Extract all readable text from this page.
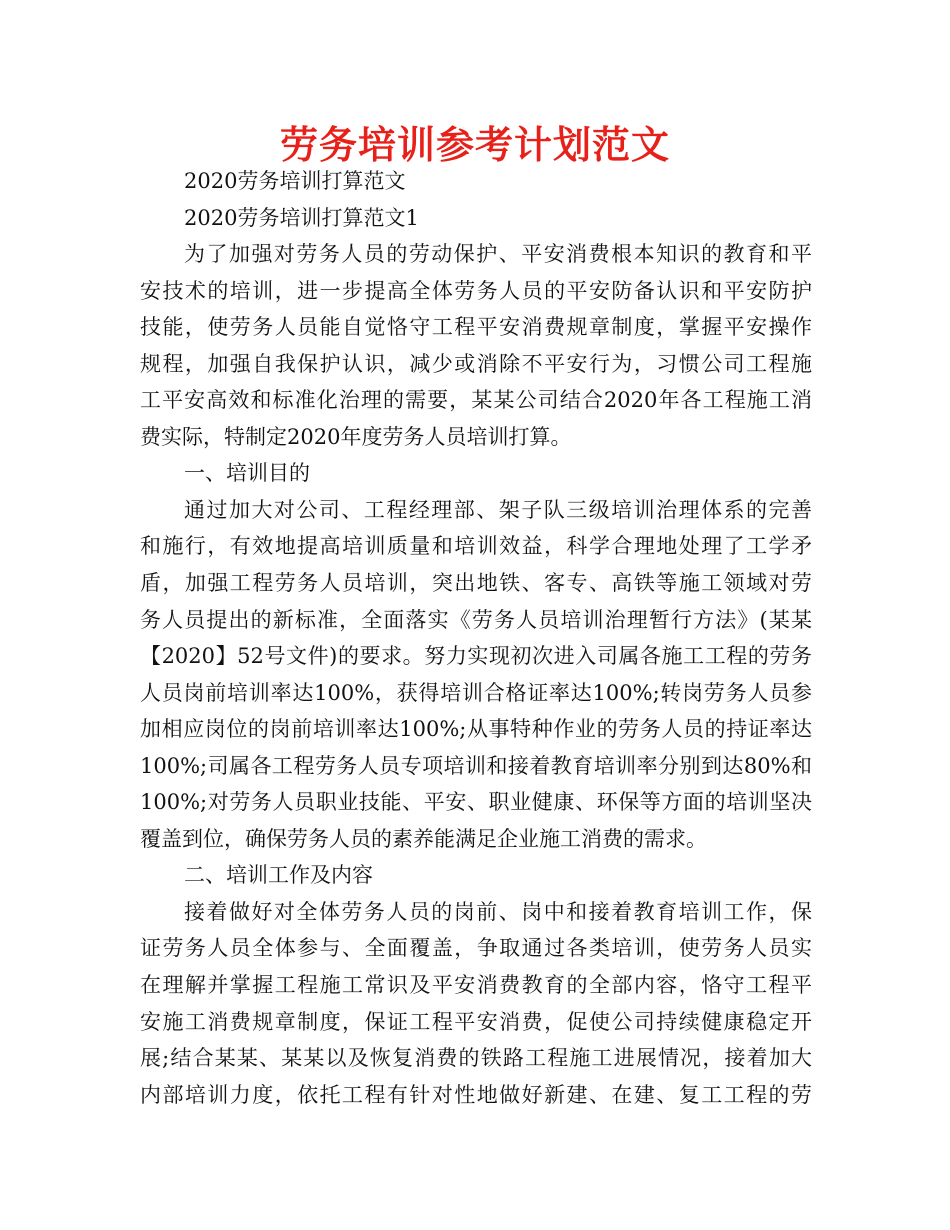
劳务培训参考计划范文
2020劳务培训打算范文
2020劳务培训打算范文1
为了加强对劳务人员的劳动保护、平安消费根本知识的教育和平
安技术的培训，进一步提高全体劳务人员的平安防备认识和平安防护
技能，使劳务人员能自觉恪守工程平安消费规章制度，掌握平安操作
规程，加强自我保护认识，减少或消除不平安行为，习惯公司工程施
工平安高效和标准化治理的需要，某某公司结合2020年各工程施工消
费实际，特制定2020年度劳务人员培训打算。
一、培训目的
通过加大对公司、工程经理部、架子队三级培训治理体系的完善
和施行，有效地提高培训质量和培训效益，科学合理地处理了工学矛
盾，加强工程劳务人员培训，突出地铁、客专、高铁等施工领域对劳
务人员提出的新标准，全面落实《劳务人员培训治理暂行方法》(某某
【2020】52号文件)的要求。努力实现初次进入司属各施工工程的劳务
人员岗前培训率达100%，获得培训合格证率达100%;转岗劳务人员参
加相应岗位的岗前培训率达100%;从事特种作业的劳务人员的持证率达
100%;司属各工程劳务人员专项培训和接着教育培训率分别到达80%和
100%;对劳务人员职业技能、平安、职业健康、环保等方面的培训坚决
覆盖到位，确保劳务人员的素养能满足企业施工消费的需求。
二、培训工作及内容
接着做好对全体劳务人员的岗前、岗中和接着教育培训工作，保
证劳务人员全体参与、全面覆盖，争取通过各类培训，使劳务人员实
在理解并掌握工程施工常识及平安消费教育的全部内容，恪守工程平
安施工消费规章制度，保证工程平安消费，促使公司持续健康稳定开
展;结合某某、某某以及恢复消费的铁路工程施工进展情况，接着加大
内部培训力度，依托工程有针对性地做好新建、在建、复工工程的劳
